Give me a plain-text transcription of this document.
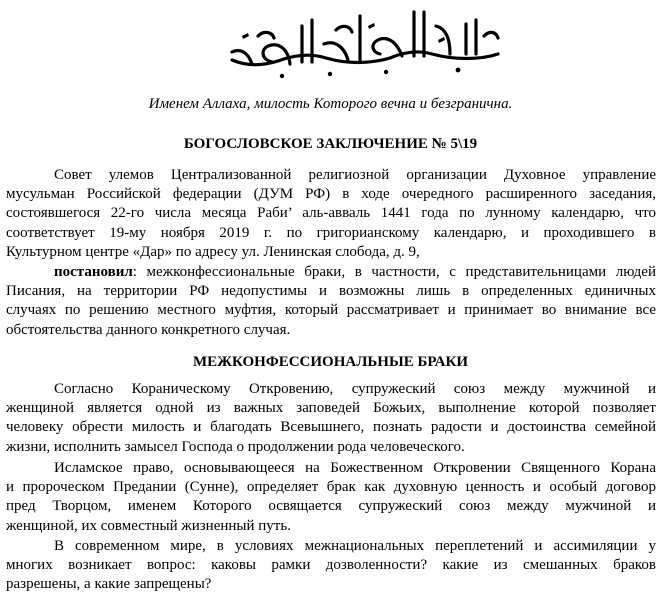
Именем Аллаха, милость Которого вечна и безгранична.
БОГОСЛОВСКОЕ ЗАКЛЮЧЕНИЕ № 5\19
Совет улемов Централизованной религиозной организации Духовное управление
мусульман Российской федерации (ДУМ РФ) в ходе очередного расширенного заседания,
состоявшегося 22-го числа месяца Раби’ аль-авваль 1441 года по лунному календарю, что
соответствует 19-му ноября 2019 г. по григорианскому календарю, и проходившего в
Культурном центре «Дар» по адресу ул. Ленинская слобода, д. 9,
постановил: межконфессиональные браки, в частности, с представительницами людей
Писания, на территории РФ недопустимы и возможны лишь в определенных единичных
случаях по решению местного муфтия, который рассматривает и принимает во внимание все
обстоятельства данного конкретного случая.
МЕЖКОНФЕССИОНАЛЬНЫЕ БРАКИ
Согласно Кораническому Откровению, супружеский союз между мужчиной и
женщиной является одной из важных заповедей Божьих, выполнение которой позволяет
человеку обрести милость и благодать Всевышнего, познать радости и достоинства семейной
жизни, исполнить замысел Господа о продолжении рода человеческого.
Исламское право, основывающееся на Божественном Откровении Священного Корана
и пророческом Предании (Сунне), определяет брак как духовную ценность и особый договор
пред Творцом, именем Которого освящается супружеский союз между мужчиной и
женщиной, их совместный жизненный путь.
В современном мире, в условиях межнациональных переплетений и ассимиляции у
многих возникает вопрос: каковы рамки дозволенности? какие из смешанных браков
разрешены, а какие запрещены?
